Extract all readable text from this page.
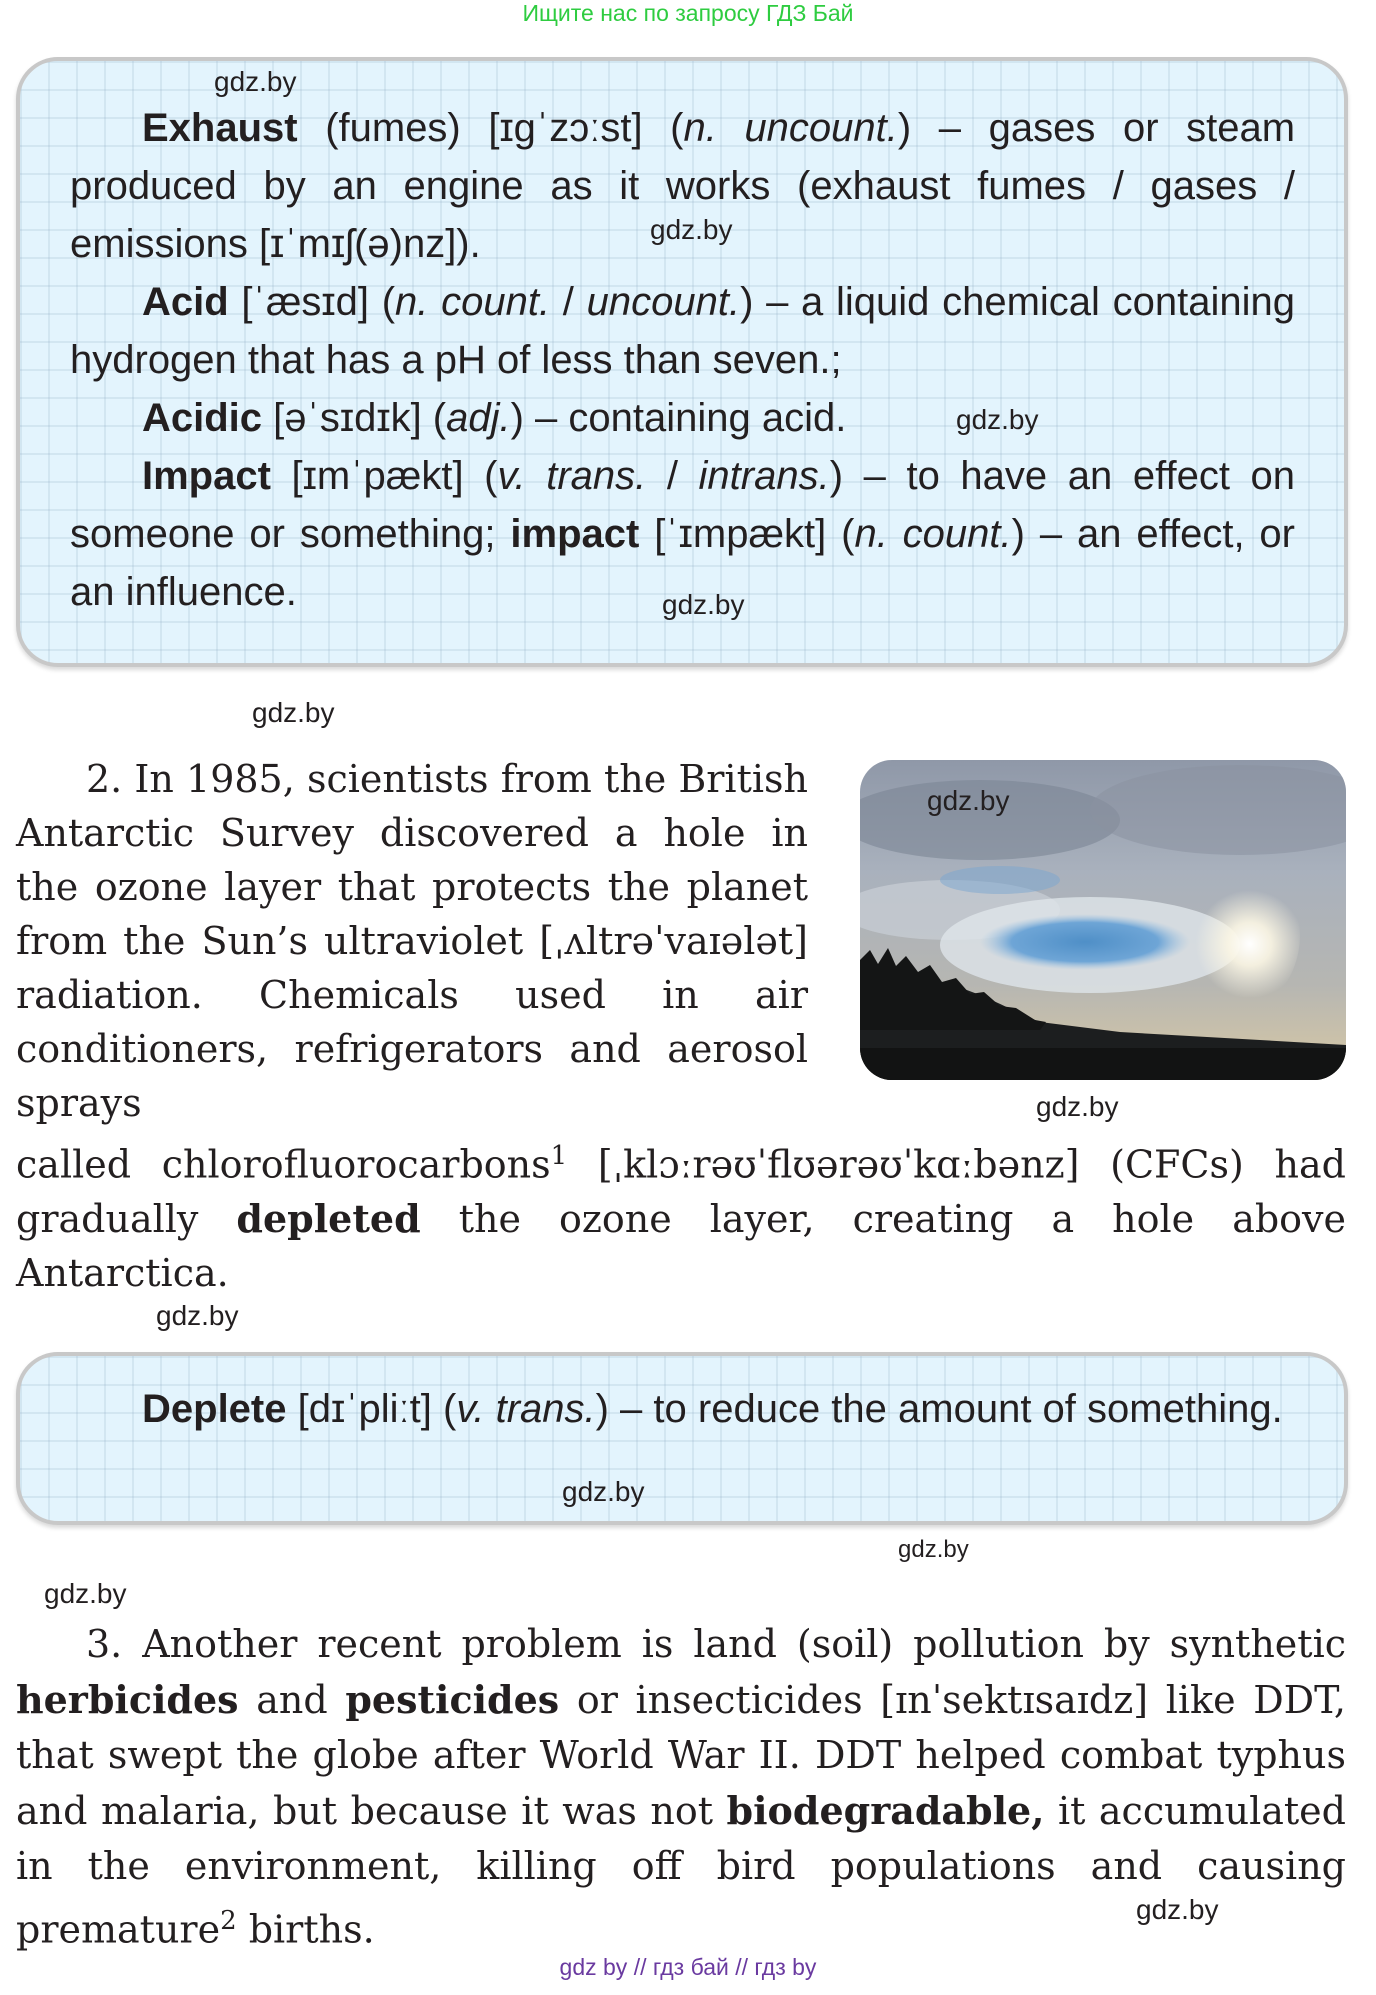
Ищите нас по запросу ГДЗ Бай

Exhaust (fumes) [ɪɡˈzɔːst] (n. uncount.) – gases or steam produced by an engine as it works (exhaust fumes / gases / emissions [ɪˈmɪʃ(ə)nz]).

Acid [ˈæsɪd] (n. count. / uncount.) – a liquid chemical containing hydrogen that has a pH of less than seven.;

Acidic [əˈsɪdɪk] (adj.) – containing acid.

Impact [ɪmˈpækt] (v. trans. / intrans.) – to have an effect on someone or something; impact [ˈɪmpækt] (n. count.) – an effect, or an influence.

2. In 1985, scientists from the British Antarctic Survey discovered a hole in the ozone layer that protects the planet from the Sun’s ultraviolet [ˌʌltrəˈvaɪələt] radiation. Chemicals used in air conditioners, refrigerators and aerosol sprays
called chlorofluorocarbons$^1$ [ˌklɔːrəʊˈflʊərəʊˈkɑːbənz] (CFCs) had gradually depleted the ozone layer, creating a hole above Antarctica.

Deplete [dɪˈpliːt] (v. trans.) – to reduce the amount of something.

3. Another recent problem is land (soil) pollution by synthetic herbicides and pesticides or insecticides [ɪnˈsektɪsaɪdz] like DDT, that swept the globe after World War II. DDT helped combat typhus and malaria, but because it was not biodegradable, it accumulated in the environment, killing off bird populations and causing premature$^2$ births.
gdz.by
gdz.by
gdz.by
gdz.by
gdz.by
gdz.by
gdz.by
gdz.by
gdz.by
gdz.by
gdz.by
gdz.by
gdz by // гдз бай // гдз by
